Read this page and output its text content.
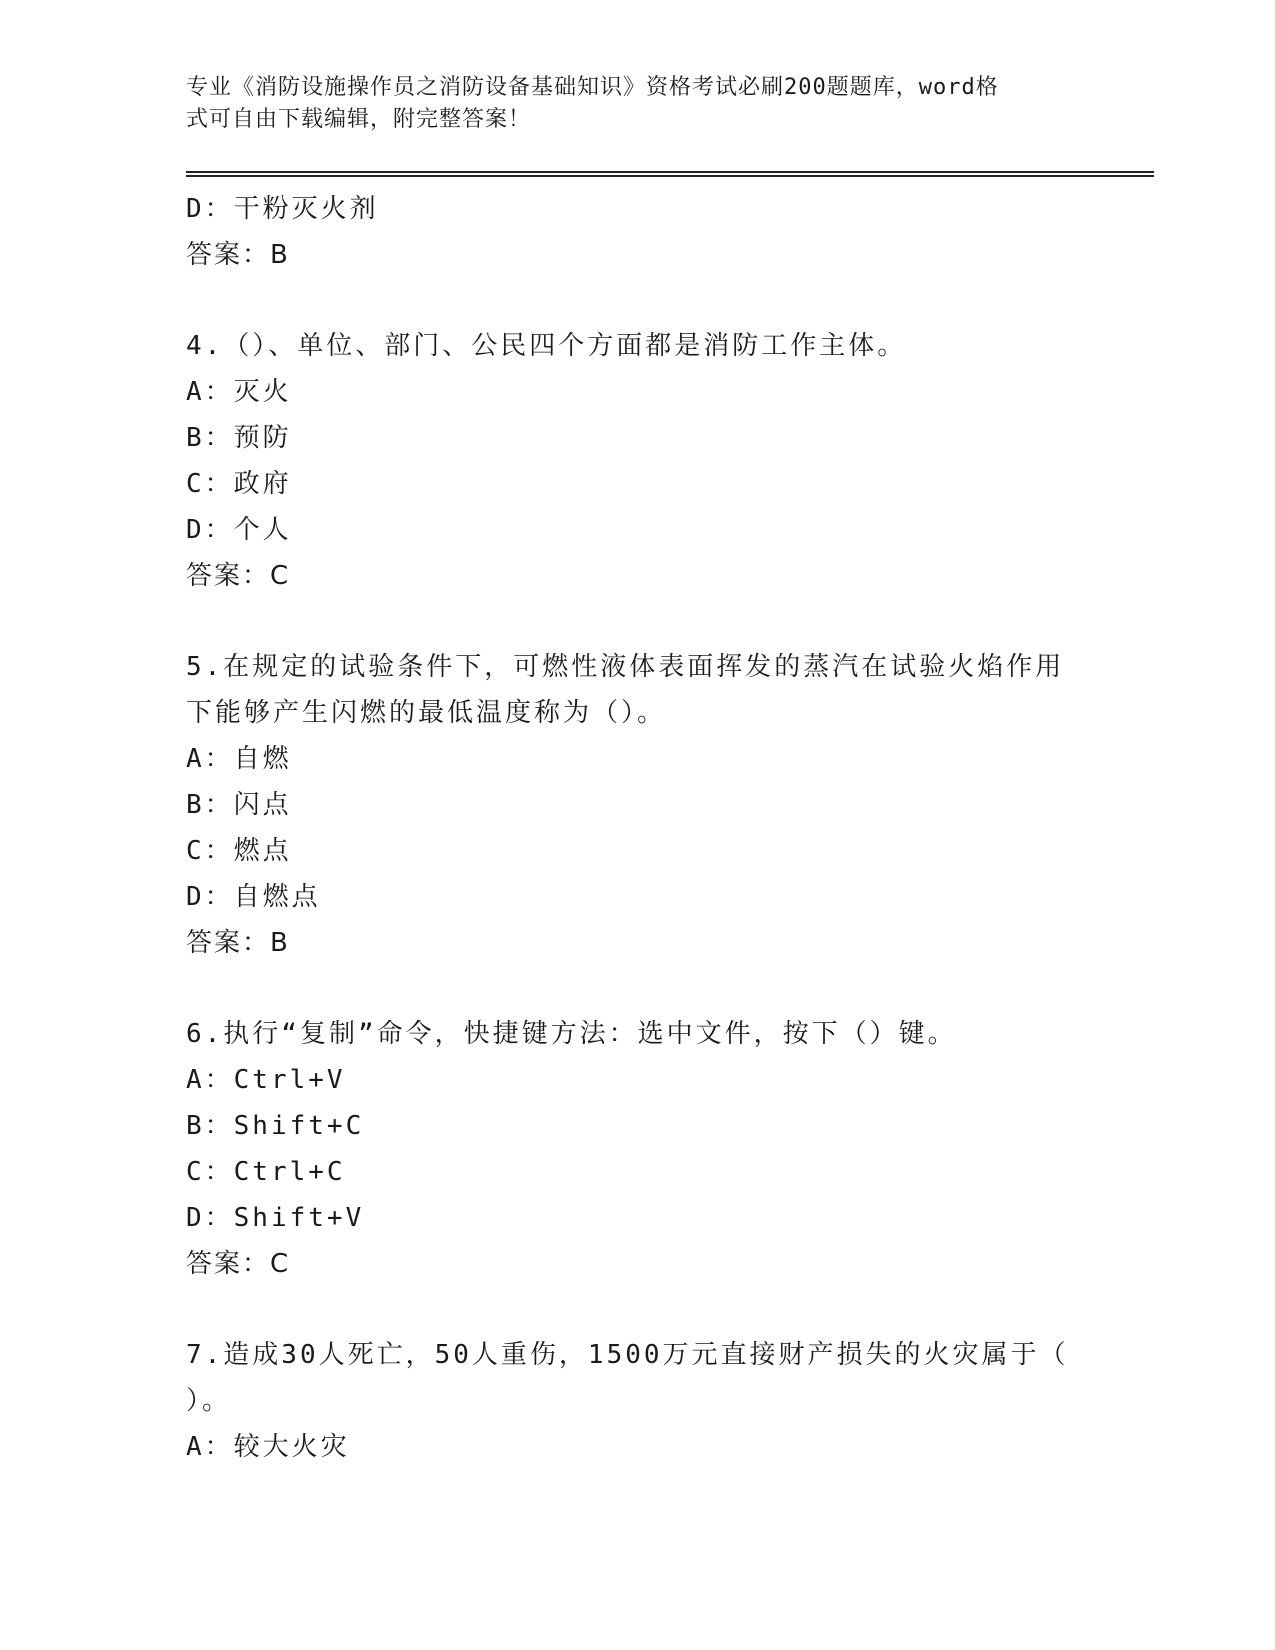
专业《消防设施操作员之消防设备基础知识》资格考试必刷200题题库，word格
式可自由下载编辑，附完整答案！
D：干粉灭火剂
答案：B
4.（）、单位、部门、公民四个方面都是消防工作主体。
A：灭火
B：预防
C：政府
D：个人
答案：C
5.在规定的试验条件下，可燃性液体表面挥发的蒸汽在试验火焰作用
下能够产生闪燃的最低温度称为（）。
A：自燃
B：闪点
C：燃点
D：自燃点
答案：B
6.执行“复制”命令，快捷键方法：选中文件，按下（）键。
A：Ctrl+V
B：Shift+C
C：Ctrl+C
D：Shift+V
答案：C
7.造成30人死亡，50人重伤，1500万元直接财产损失的火灾属于（
）。
A：较大火灾
